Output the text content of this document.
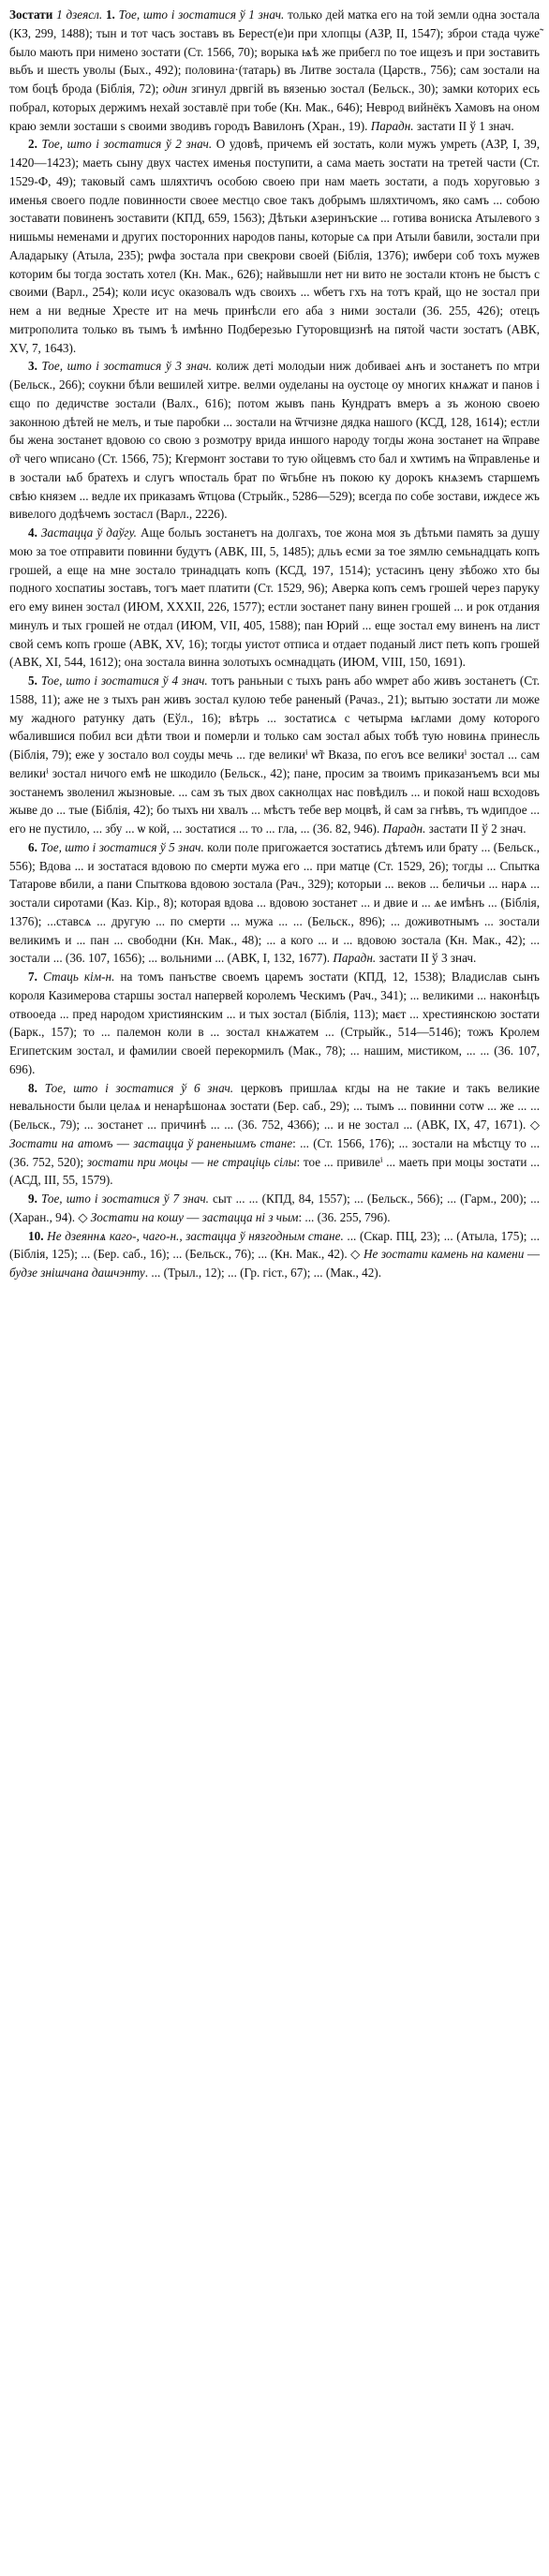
Зостати 1 дзеясл. 1. Тое, што і зостатися ў 1 знач. только дей матка его на той земли одна зостала (КЗ, 299, 1488); тын и тот часъ зоставъ въ Берест(е)и при хлопцы (АЗР, II, 1547); зброи стада чуже̃ было мають при нимено зостати (Ст. 1566, 70); ворыка ѩѣ же прибегл по тое ищезъ и при зоставить вьбъ и шесть уволы (Бых., 492); половина·(татарь) въ Литве зостала (Царств., 756); сам зостали на том боцѣ брода (Біблія, 72); один згинул дрвгій въ вязенью зостал (Бельск., 30); замки которих есь побрал, которых держимъ нехай зоставлё при тобе (Кн. Мак., 646); Неврод вийнёкъ Хамовъ на оном краю земли зосташи ѕ своими зводивъ городъ Вавилонъ (Хран., 19). Парадн. застати II ў 1 знач.

2. Тое, што і зостатися ў 2 знач. О удовѣ, причемъ ей зостать, коли мужъ умреть (АЗР, I, 39, 1420—1423); маеть сыну двух частех именья поступити, а сама маеть зостати на третей части (Ст. 1529-Ф, 49); таковый самъ шляхтичъ особою своею при нам маеть зостати, а подъ хоруговью з именья своего подле повинности своее местцо свое такъ добрымъ шляхтичомъ, яко самъ ... собою зоставати повиненъ зоставити (КПД, 659, 1563); Дѣтьки ѧзеринъские ... готива вониска Атылевого з нишьмы неменами и других посторонних народов паны, которые сѧ при Атыли бавили, зостали при Аладарыку (Атыла, 235); рѡфа зостала при свекрови своей (Біблія, 1376); иѡбери соб тохъ мужев которим бы тогда зостать хотел (Кн. Мак., 626); найвышли нет ни вито не зостали ктонъ не быстъ с своими (Варл., 254); коли исус оказовалъ ѡдъ своихъ ... ѡбетъ гхъ на тотъ край, що не зостал при нем а ни ведные Хресте ит на мечь принѣсли его аба з ними зостали (36. 255, 426); отецъ митрополита только въ тымъ ѣ имѣнно Подберезью Гуторовщизнѣ на пятой части зостатъ (АВК, XV, 7, 1643).

3. Тое, што і зостатися ў 3 знач. колиж деті молодыи ниж добиваеі ѧнъ и зостанетъ по мтри (Бельск., 266); соукни бѣли вешилей хитре. велми оуделаны на оустоце оу многих кнѧжат и панов і єщо по дедичстве зостали (Валх., 616); потом жывъ пань Кундратъ вмеръ а зъ жоною своею законною дѣтей не мелъ, и тые паробки ... зостали на ѿтчизне дядка нашого (КСД, 128, 1614); естли бы жена зостанет вдовою со свою з розмотру врида иншого народу тогды жона зостанет на ѿправе о̃т чего ѡписано (Ст. 1566, 75); Кгермонт зостави то тую ойцевмъ сто бал и хѡтимъ на ѿправленье и в зостали ѩб братехъ и слугъ ѡпосталь брат по ѿгьбне нъ покою ку дорокъ кнѧземъ старшемъ свѣю князем ... ведле их приказамъ ѿтцова (Стрыйк., 5286—529); всегда по собе зостави, иждесе жъ вивелого додѣчемъ зостасл (Варл., 2226).

4. Застацца ў даўгу. Аще болыъ зостанетъ на долгахъ, тое жона моя зъ дѣтьми память за душу мою за тое отправити повинни будутъ (АВК, III, 5, 1485); дльъ есми за тое зямлю семьнадцать копъ грошей, а еще на мне зостало тринадцать копъ (КСД, 197, 1514); устасинъ цену зѣбожо хто бы подного хоспатиы зоставъ, тогъ мает платити (Ст. 1529, 96); Аверка копъ семъ грошей через паруку его ему винен зостал (ИЮМ, XXXII, 226, 1577); естли зостанет пану винен грошей ... и рок отдания минулъ и тых грошей не отдал (ИЮМ, VII, 405, 1588); пан Юрий ... еще зостал ему виненъ на лист свой семъ копъ гроше (АВК, XV, 16); тогды уистот отписа и отдает поданый лист петь копъ грошей (АВК, XI, 544, 1612); она зостала винна золотыхъ осмнадцать (ИЮМ, VIII, 150, 1691).

5. Тое, што і зостатися ў 4 знач. тотъ раньныи с тыхъ ранъ або ѡмрет або живъ зостанетъ (Ст. 1588, 11); аже не з тыхъ ран живъ зостал кулою тебе ҏаненый (Рачаз., 21); вытыю зостати ли може му жадного ратунку дать (Еўл., 16); вѣтрь ... зостатисѧ с четырма ѩглами дому которого ѡбалившися побил вси дѣти твои и померли и только сам зостал абых тобѣ тую новинѧ принесль (Біблія, 79); еже у зостало вол соуды мечь ... где великиⁱ ѡ̃т Вказа, по егоъ все великиⁱ зостал ... сам великиⁱ зостал ничого емѣ не шкодило (Бельск., 42); пане, просим за твоимъ приказанъемъ вси мы зостанемъ зволенил жызновые. ... сам зъ тых двох сакнолцах нас повѣдилъ ... и покой наш всходовъ жыве до ... тые (Біблія, 42); бо тыхъ ни хвалъ ... мѣстъ тебе вер моцвѣ, й сам за гнѣвъ, тъ ѡдипдое ... его не пустило, ... збу ... ѡ кой, ... зостатися ... то ... гла, ... (36. 82, 946). Парадн. застати II ў 2 знач.

6. Тое, што і зостатися ў 5 знач. коли поле пригожается зостатись дѣтемъ или брату ... (Бельск., 556); Вдова ... и зостатася вдовою по смерти мужа его ... при матце (Ст. 1529, 26); тогды ... Спытка Татарове вбили, а пани Спыткова вдовою зостала (Рач., 329); которыи ... веков ... беличьи ... нарѧ ... зостали сиротами (Каз. Кір., 8); которая вдова ... вдовою зостанет ... и двие и ... ѧе имѣнъ ... (Біблія, 1376); ...ставсѧ ... другую ... по смерти ... мужа ... ... (Бельск., 896); ... доживотнымъ ... зостали великимъ и ... пан ... свободни (Кн. Мак., 48); ... а кого ... и ... вдовою зостала (Кн. Мак., 42); ... зостали ... (36. 107, 1656); ... вольними ... (АВК, I, 132, 1677). Парадн. застати II ў 3 знач.

7. Стаць кім-н. на томъ панъстве своемъ царемъ зостати (КПД, 12, 1538); Владислав сынъ короля Казимерова старшы зостал напервей королемъ Ческимъ (Рач., 341); ... великими ... наконѣцъ отвооеда ... пред народом християнским ... и тых зостал (Біблія, 113); маєт ... хрестиянскою зостати (Барк., 157); то ... палемон коли в ... зостал кнѧжатем ... (Стрыйк., 514—5146); тожъ Кролем Египетским зостал, и фамилии своей перекормилъ (Мак., 78); ... нашим, мистиком, ... ... (36. 107, 696).

8. Тое, што і зостатися ў 6 знач. церковъ пришлаѧ кгды на не такие и такъ великие невальности были целаѧ и ненарѣшонаѧ зостати (Бер. саб., 29); ... тымъ ... повинни сотѡ ... же ... ... (Бельск., 79); ... зостанет ... причинѣ ... ... (36. 752, 4366); ... и не зостал ... (АВК, IX, 47, 1671). ◇ Зостати на атомъ — застацца ў раненыимъ стане: ... (Ст. 1566, 176); ... зостали на мѣстцу то ... (36. 752, 520); зостати при моцы — не страціць сілы: тое ... привилеⁱ ... маеть при моцы зостати ... (АСД, III, 55, 1579).

9. Тое, што і зостатися ў 7 знач. сыт ... ... (КПД, 84, 1557); ... (Бельск., 566); ... (Гарм., 200); ... (Харан., 94). ◇ Зостати на кошу — застацца ні з чым: ... (36. 255, 796).

10. Не дзеяннѧ каго-, чаго-н., застацца ў нязгодным стане. ... (Скар. ПЦ, 23); ... (Атыла, 175); ... (Біблія, 125); ... (Бер. саб., 16); ... (Бельск., 76); ... (Кн. Мак., 42). ◇ Не зостати камень на камени — будзе знішчана дашчэнту. ... (Трыл., 12); ... (Гр. гіст., 67); ... (Мак., 42).
